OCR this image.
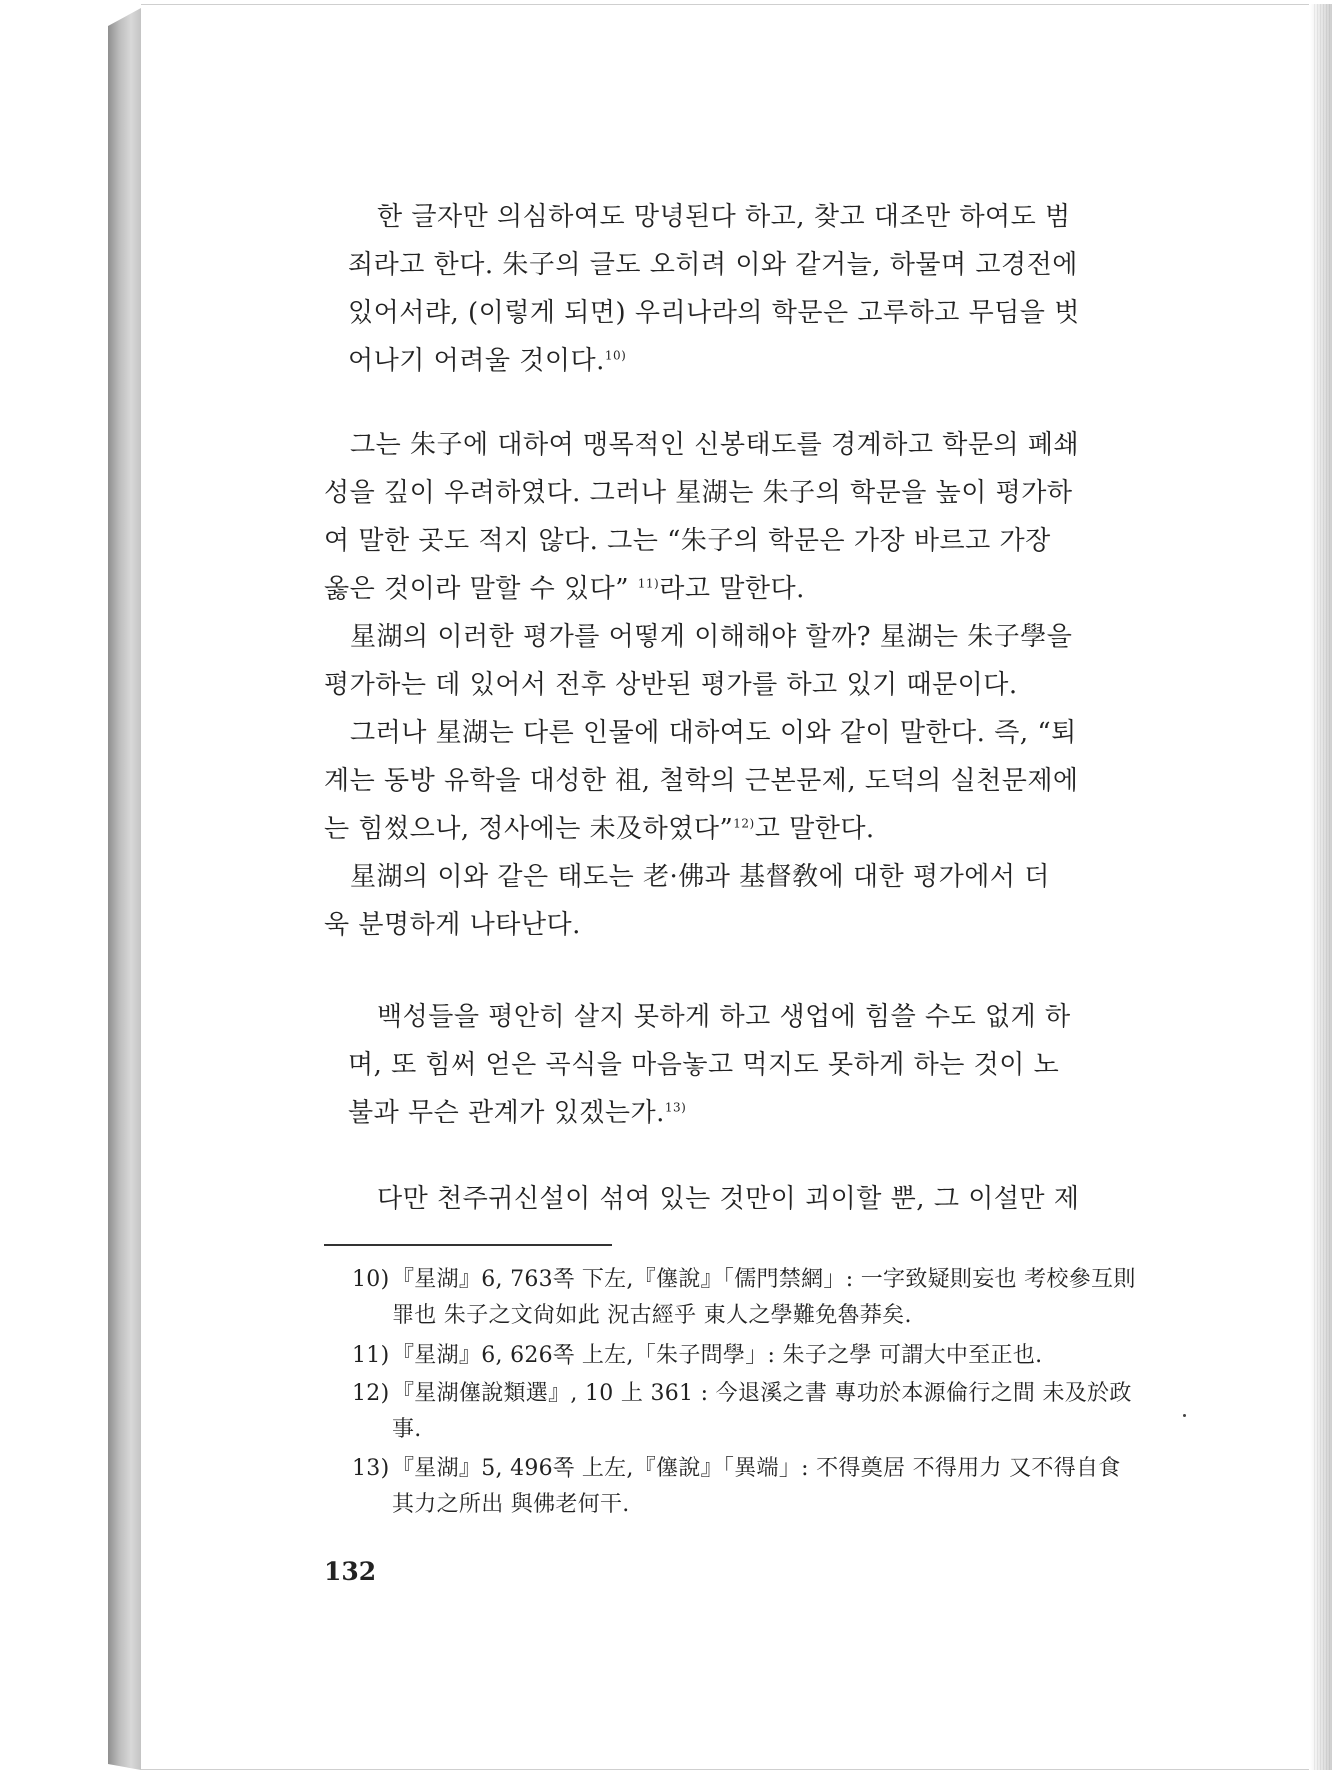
한 글자만 의심하여도 망녕된다 하고, 찾고 대조만 하여도 범
죄라고 한다. 朱子의 글도 오히려 이와 같거늘, 하물며 고경전에
있어서랴, (이렇게 되면) 우리나라의 학문은 고루하고 무딤을 벗
어나기 어려울 것이다.$^{10)}$
그는 朱子에 대하여 맹목적인 신봉태도를 경계하고 학문의 폐쇄
성을 깊이 우려하였다. 그러나 星湖는 朱子의 학문을 높이 평가하
여 말한 곳도 적지 않다. 그는 “朱子의 학문은 가장 바르고 가장
옳은 것이라 말할 수 있다” $^{11)}$라고 말한다.
星湖의 이러한 평가를 어떻게 이해해야 할까? 星湖는 朱子學을
평가하는 데 있어서 전후 상반된 평가를 하고 있기 때문이다.
그러나 星湖는 다른 인물에 대하여도 이와 같이 말한다. 즉, “퇴
계는 동방 유학을 대성한 祖, 철학의 근본문제, 도덕의 실천문제에
는 힘썼으나, 정사에는 未及하였다”$^{12)}$고 말한다.
星湖의 이와 같은 태도는 老·佛과 基督敎에 대한 평가에서 더
욱 분명하게 나타난다.
백성들을 평안히 살지 못하게 하고 생업에 힘쓸 수도 없게 하
며, 또 힘써 얻은 곡식을 마음놓고 먹지도 못하게 하는 것이 노
불과 무슨 관계가 있겠는가.$^{13)}$
다만 천주귀신설이 섞여 있는 것만이 괴이할 뿐, 그 이설만 제
10) 『星湖』6, 763쪽 下左,『僿說』「儒門禁網」: 一字致疑則妄也 考校參互則
罪也 朱子之文尙如此 況古經乎 東人之學難免魯莽矣.
11) 『星湖』6, 626쪽 上左,「朱子問學」: 朱子之學 可謂大中至正也.
12) 『星湖僿說類選』, 10 上 361 : 今退溪之書 專功於本源倫行之間 未及於政
事.
13) 『星湖』5, 496쪽 上左,『僿說』「異端」: 不得奠居 不得用力 又不得自食
其力之所出 與佛老何干.
132
